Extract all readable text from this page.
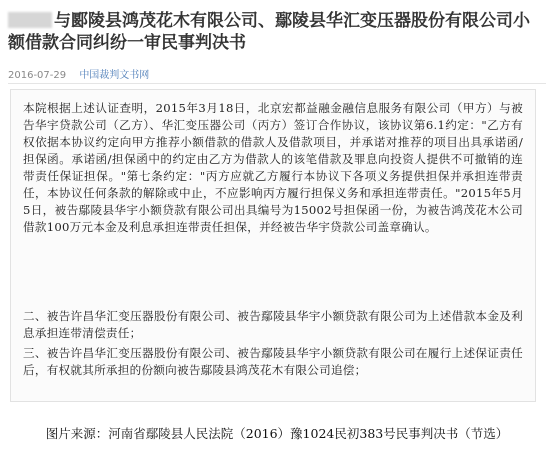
与郾陵县鸿茂花木有限公司、鄢陵县华汇变压器股份有限公司小额借款合同纠纷一审民事判决书
2016-07-29 中国裁判文书网
本院根据上述认证查明，2015年3月18日，北京宏都益融金融信息服务有限公司（甲方）与被告华宇贷款公司（乙方）、华汇变压器公司（丙方）签订合作协议，该协议第6.1约定："乙方有权依据本协议约定向甲方推荐小额借款的借款人及借款项目，并承诺对推荐的项目出具承诺函/担保函。承诺函/担保函中的约定由乙方为借款人的该笔借款及罪息向投资人提供不可撤销的连带责任保证担保。"第七条约定："丙方应就乙方履行本协议下各项义务提供担保并承担连带责任，本协议任何条款的解除或中止，不应影响丙方履行担保义务和承担连带责任。"2015年5月5日，被告鄢陵县华宇小额贷款有限公司出具编号为15002号担保函一份，为被告鸿茂花木公司借款100万元本金及利息承担连带责任担保，并经被告华宇贷款公司盖章确认。
二、被告许昌华汇变压器股份有限公司、被告鄢陵县华宇小额贷款有限公司为上述借款本金及利息承担连带清偿责任；
三、被告许昌华汇变压器股份有限公司、被告鄢陵县华宇小额贷款有限公司在履行上述保证责任后，有权就其所承担的份额向被告鄢陵县鸿茂花木有限公司追偿；
图片来源：河南省鄢陵县人民法院（2016）豫1024民初383号民事判决书（节选）
